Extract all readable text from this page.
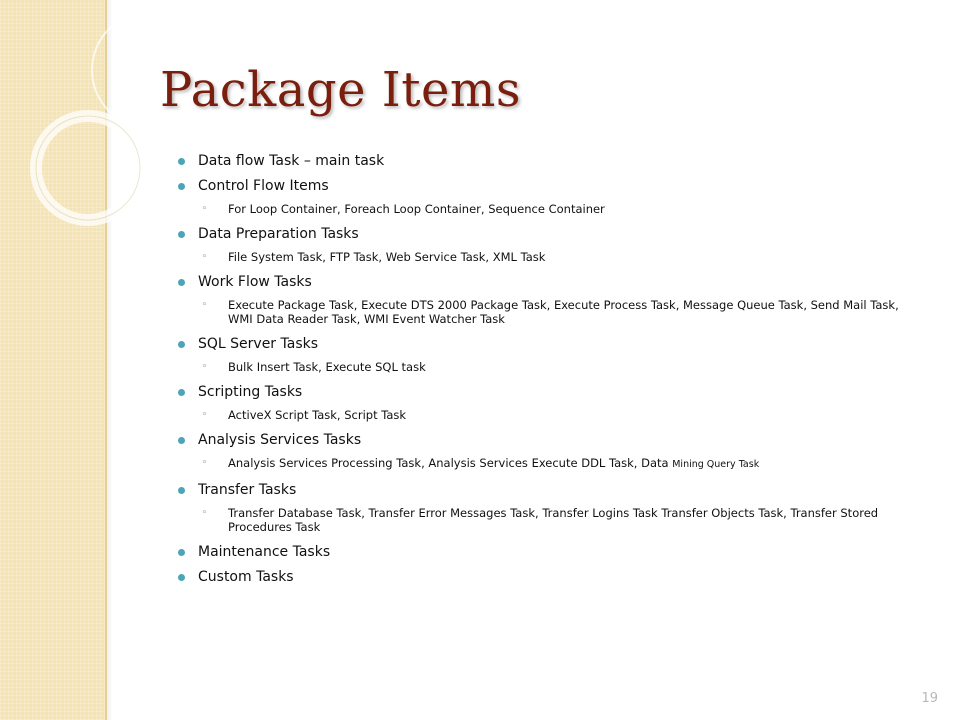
Package Items
Data flow Task – main task
Control Flow Items
◦ For Loop Container, Foreach Loop Container, Sequence Container
Data Preparation Tasks
◦ File System Task, FTP Task, Web Service Task, XML Task
Work Flow Tasks
◦ Execute Package Task, Execute DTS 2000 Package Task, Execute Process Task, Message Queue Task, Send Mail Task, WMI Data Reader Task, WMI Event Watcher Task
SQL Server Tasks
◦ Bulk Insert Task, Execute SQL task
Scripting Tasks
◦ ActiveX Script Task, Script Task
Analysis Services Tasks
◦ Analysis Services Processing Task, Analysis Services Execute DDL Task, Data Mining Query Task
Transfer Tasks
◦ Transfer Database Task, Transfer Error Messages Task, Transfer Logins Task Transfer Objects Task, Transfer Stored Procedures Task
Maintenance Tasks
Custom Tasks
19
